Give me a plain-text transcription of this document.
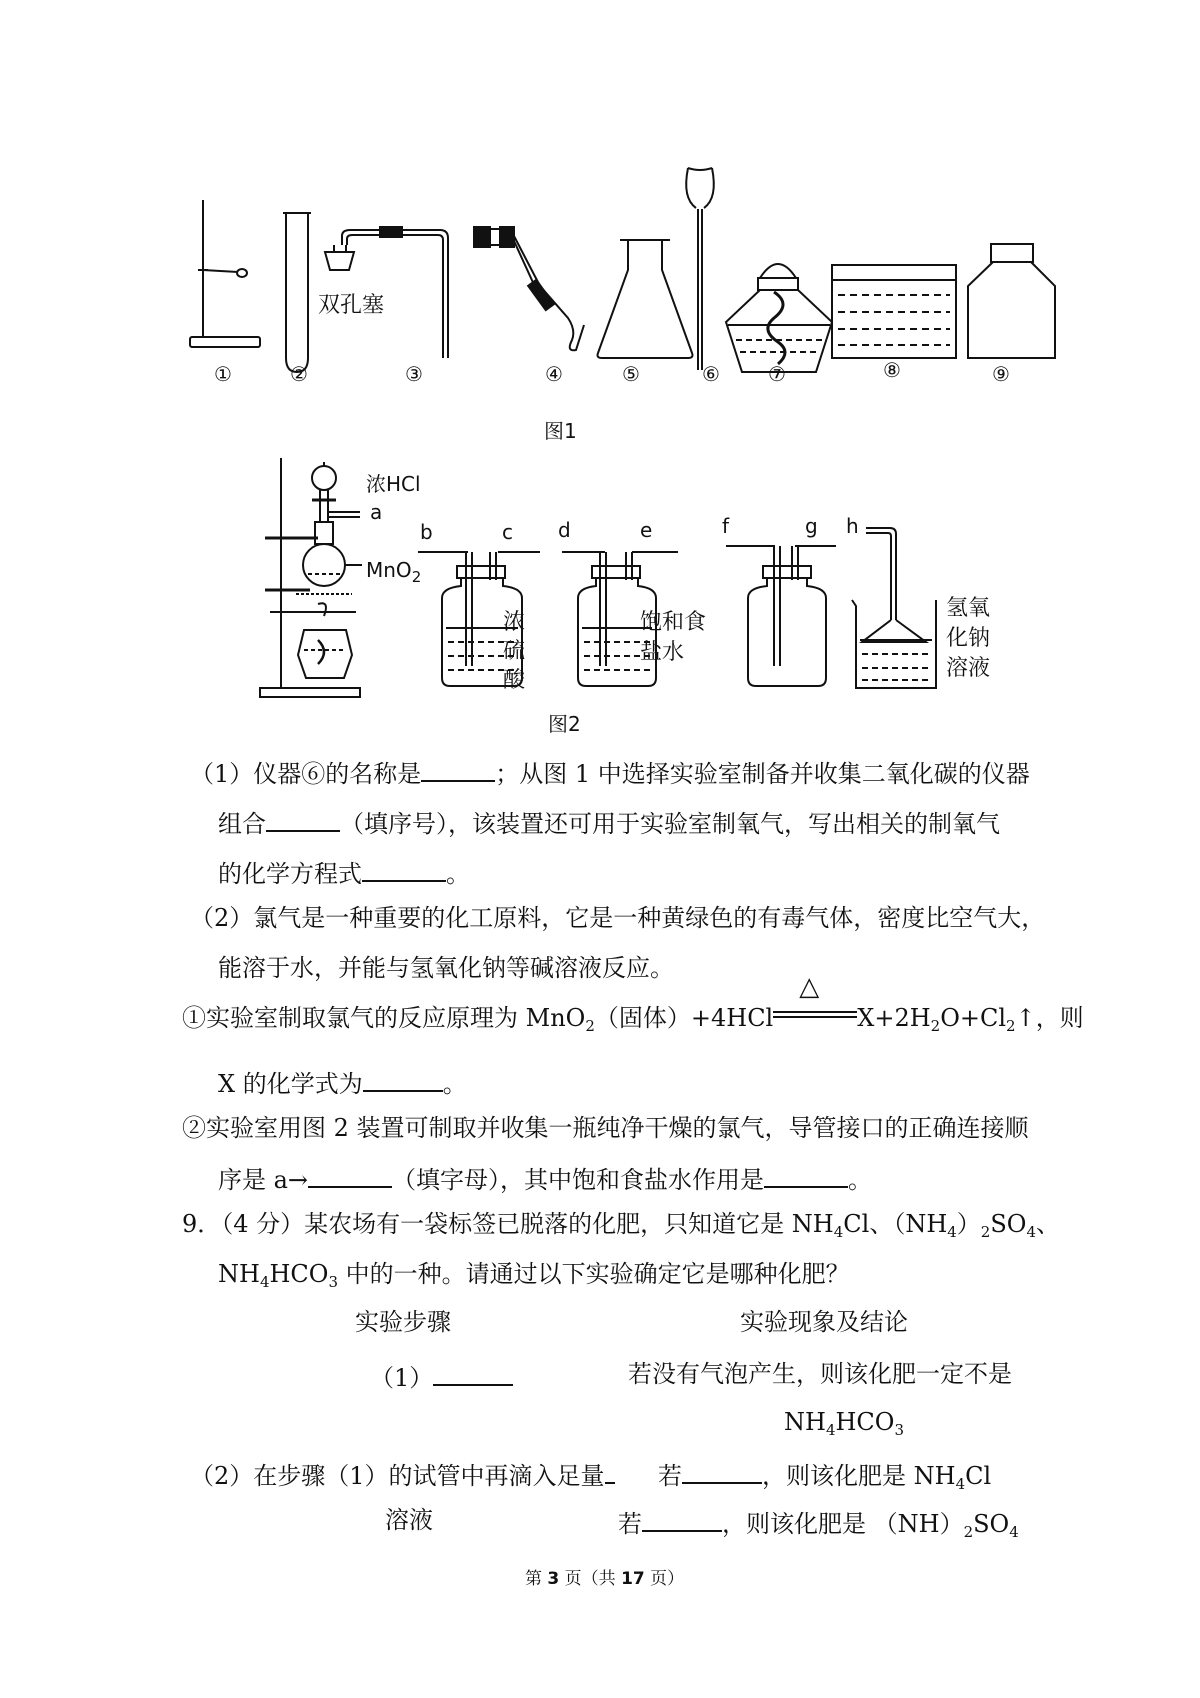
双孔塞
①	②	③	④	⑤	⑥ ⑦	⑧	⑨
图1
浓HCl
a
MnO$_2$
b	c d	e	f	g h
浓
硫
酸
饱和食
盐水
氢氧
化钠
溶液
图2
（1）仪器⑥的名称是	；从图 1 中选择实验室制备并收集二氧化碳的仪器
组合	（填序号），该装置还可用于实验室制氧气，写出相关的制氧气
的化学方程式	。
（2）氯气是一种重要的化工原料，它是一种黄绿色的有毒气体，密度比空气大，
能溶于水，并能与氢氧化钠等碱溶液反应。
①实验室制取氯气的反应原理为 MnO$_2$（固体）+4HCl
△
$X+2H_2O+Cl_2↑$，则
X 的化学式为	。
②实验室用图 2 装置可制取并收集一瓶纯净干燥的氯气，导管接口的正确连接顺
序是 a→	（填字母），其中饱和食盐水作用是	。
9．（4 分）某农场有一袋标签已脱落的化肥，只知道它是 $NH_4Cl$、$(NH_4)_2SO_4$、
$NH_4HCO_3$ 中的一种。请通过以下实验确定它是哪种化肥？
实验步骤	实验现象及结论
（1）	若没有气泡产生，则该化肥一定不是
$NH_4HCO_3$
（2）在步骤（1）的试管中再滴入足量
溶液
若	，则该化肥是 $NH_4Cl$
若	，则该化肥是 $(NH)_2SO_4$
第 3 页（共 17 页）
